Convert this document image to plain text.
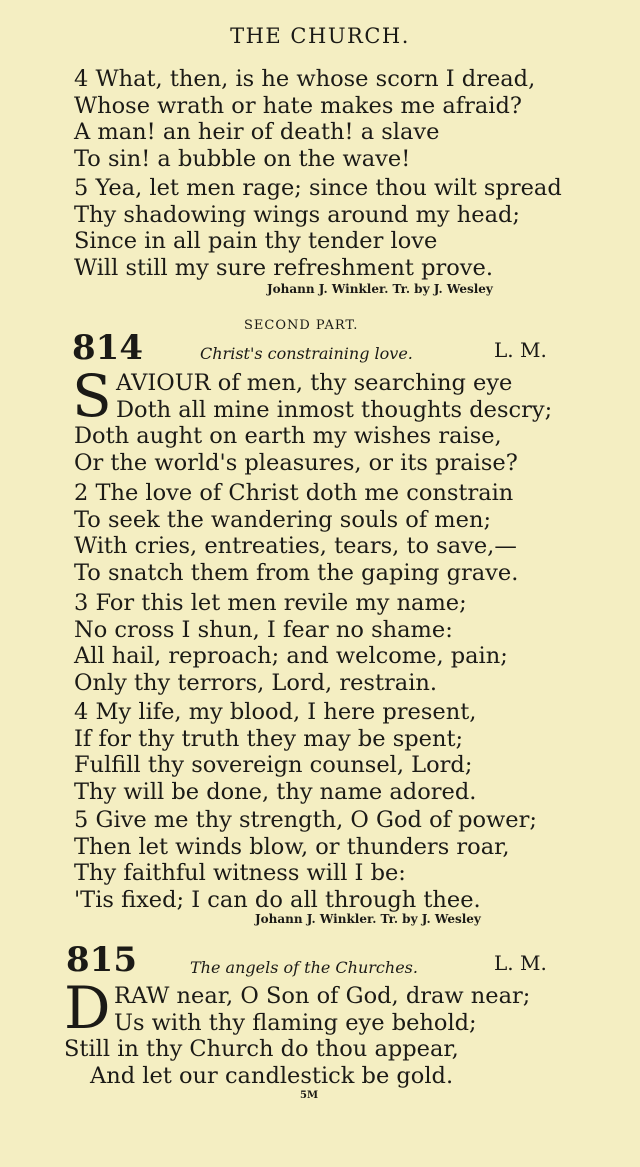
THE CHURCH.
4 What, then, is he whose scorn I dread,
Whose wrath or hate makes me afraid?
A man! an heir of death! a slave
To sin! a bubble on the wave!
5 Yea, let men rage; since thou wilt spread
Thy shadowing wings around my head;
Since in all pain thy tender love
Will still my sure refreshment prove.
Johann J. Winkler. Tr. by J. Wesley
SECOND PART.
814	Christ's constraining love.	L. M.
S AVIOUR of men, thy searching eye
Doth all mine inmost thoughts descry;
Doth aught on earth my wishes raise,
Or the world's pleasures, or its praise?
2 The love of Christ doth me constrain
To seek the wandering souls of men;
With cries, entreaties, tears, to save,—
To snatch them from the gaping grave.
3 For this let men revile my name;
No cross I shun, I fear no shame:
All hail, reproach; and welcome, pain;
Only thy terrors, Lord, restrain.
4 My life, my blood, I here present,
If for thy truth they may be spent;
Fulfill thy sovereign counsel, Lord;
Thy will be done, thy name adored.
5 Give me thy strength, O God of power;
Then let winds blow, or thunders roar,
Thy faithful witness will I be:
'Tis fixed; I can do all through thee.
Johann J. Winkler. Tr. by J. Wesley
815	The angels of the Churches.	L. M.
D RAW near, O Son of God, draw near;
Us with thy flaming eye behold;
Still in thy Church do thou appear,
And let our candlestick be gold.
5M
